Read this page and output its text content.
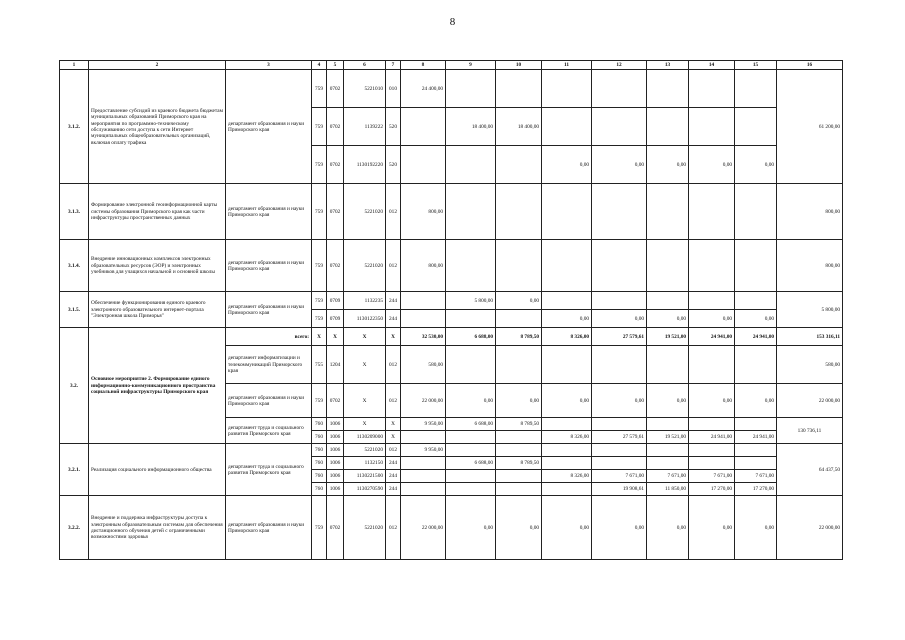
8
1	2	3	4	5	6	7	8	9	10	11	12	13	14	15	16
3.1.2.	Предоставление субсидий из краевого бюджета бюджетам муниципальных образований Приморского края на мероприятия по программно-техническому обслуживанию сети доступа к сети Интернет муниципальных общеобразовательных организаций, включая оплату трафика	департамент образования и науки Приморского края	759	0702	5221010	010	24 400,00								61 200,00
			759	0702	1139222	520		18 400,00	18 400,00						
			759	0702	1130192220	520				0,00	0,00	0,00	0,00	0,00	
3.1.3.	Формирование электронной геоинформационной карты системы образования Приморского края как части инфраструктуры пространственных данных	департамент образования и науки Приморского края	759	0702	5221020	012	800,00								800,00
3.1.4.	Внедрение инновационных комплексов электронных образовательных ресурсов (ЭОР) и электронных учебников для учащихся начальной и основной школы	департамент образования и науки Приморского края	759	0702	5221020	012	800,00								800,00
3.1.5.	Обеспечение функционирования единого краевого электронного образовательного интернет-портала "Электронная школа Приморья"	департамент образования и науки Приморского края	759	0709	1132235	244		5 800,00	0,00						5 800,00
			759	0709	1130122350	244				0,00	0,00	0,00	0,00	0,00	
3.2.	Основное мероприятие 2. Формирование единого информационно-коммуникационного пространства социальной инфраструктуры Приморского края	всего:	X	X	X	X	32 530,00	6 688,00	8 789,50	8 326,00	27 579,61	19 521,00	24 941,00	24 941,00	153 316,11
		департамент информатизации и телекоммуникаций Приморского края	755	1204	X	012	580,00								580,00
		департамент образования и науки Приморского края	759	0702	X	012	22 000,00	0,00	0,00	0,00	0,00	0,00	0,00	0,00	22 000,00
		департамент труда и социального развития Приморского края	760	1006	X	X	9 950,00	6 688,00	8 789,50						130 736,11
			760	1006	1130209000	X				8 326,00	27 579,61	19 521,00	24 941,00	24 941,00	
3.2.1.	Реализация социального информационного общества	департамент труда и социального развития Приморского края	760	1006	5221020	012	9 950,00								64 437,50
			760	1006	1132150	244		6 688,00	8 789,50						
			760	1006	1130221500	244				8 326,00	7 671,00	7 671,00	7 671,00	7 671,00	
			760	1006	1130270590	244					19 908,61	11 850,00	17 270,00	17 270,00	
3.2.2.	Внедрение и поддержка инфраструктуры доступа к электронным образовательным системам для обеспечения дистанционного обучения детей с ограниченными возможностями здоровья	департамент образования и науки Приморского края	759	0702	5221020	012	22 000,00	0,00	0,00	0,00	0,00	0,00	0,00	0,00	22 000,00
